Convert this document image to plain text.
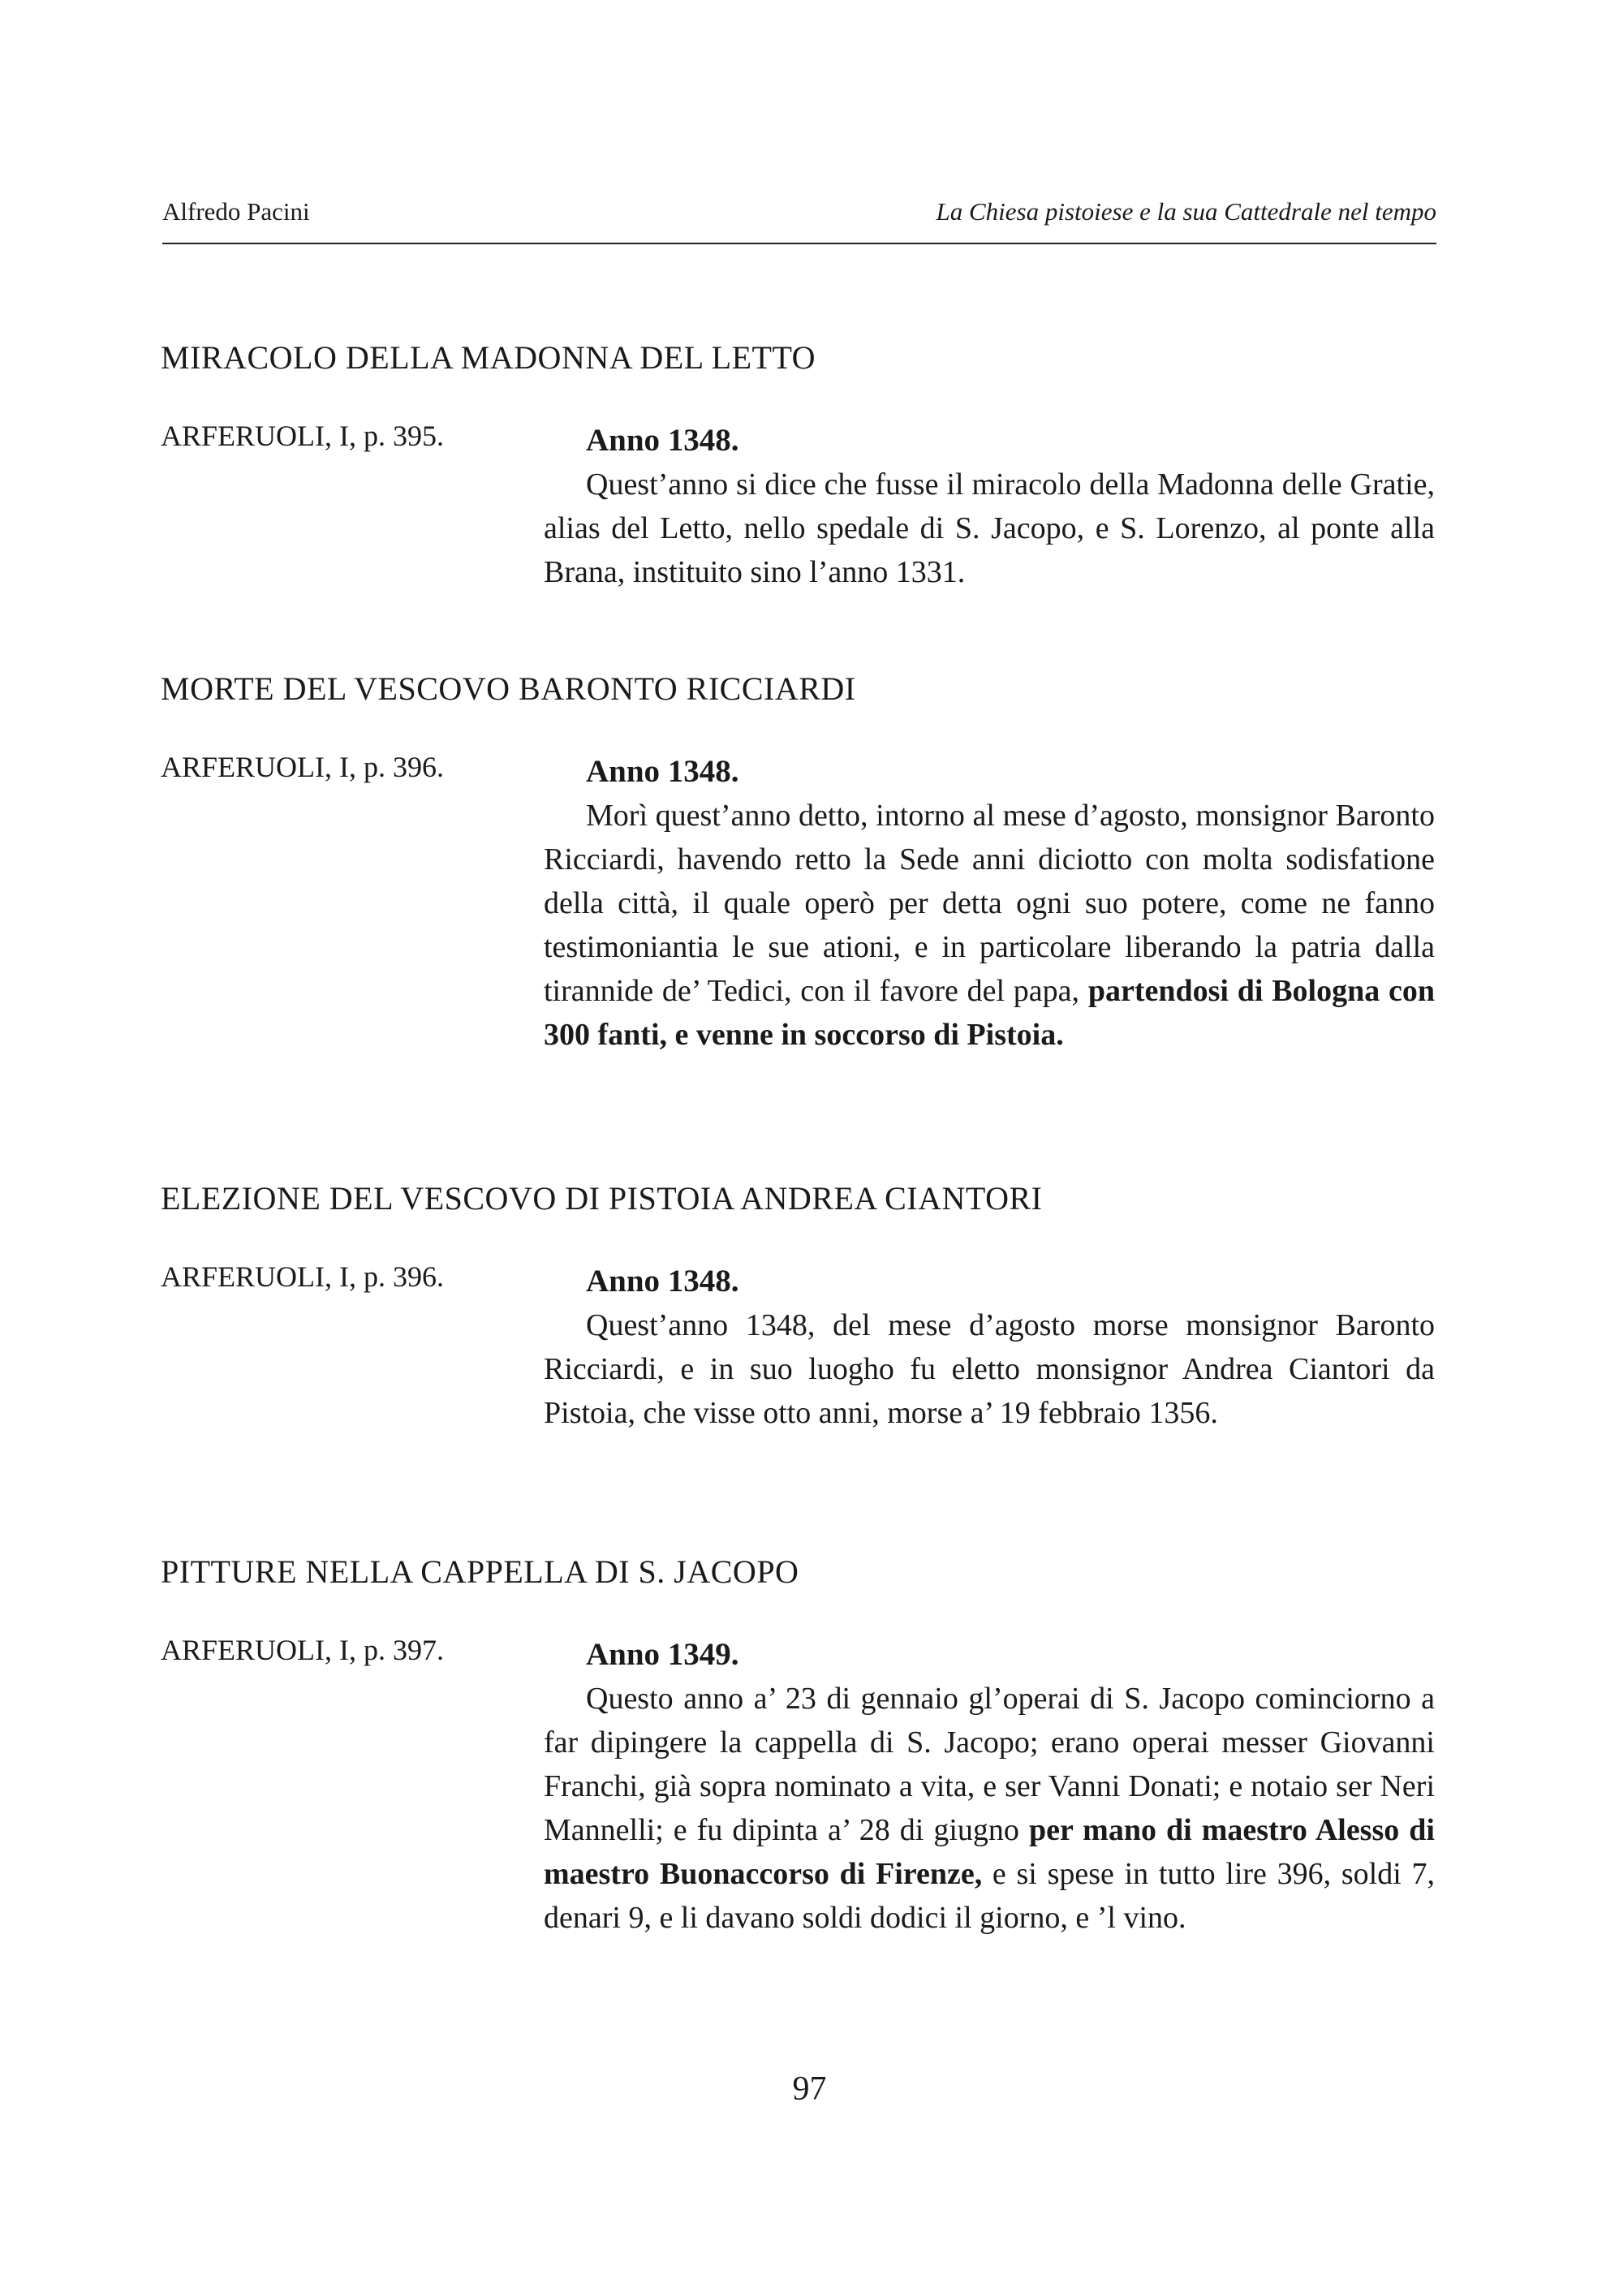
Alfredo Pacini	La Chiesa pistoiese e la sua Cattedrale nel tempo
MIRACOLO DELLA MADONNA DEL LETTO
ARFERUOLI, I, p. 395.	Anno 1348.

Quest’anno si dice che fusse il miracolo della Madonna delle Gratie, alias del Letto, nello spedale di S. Jacopo, e S. Lorenzo, al ponte alla Brana, instituito sino l’anno 1331.

MORTE DEL VESCOVO BARONTO RICCIARDI
ARFERUOLI, I, p. 396.	Anno 1348.

Morì quest’anno detto, intorno al mese d’agosto, monsignor Baronto Ricciardi, havendo retto la Sede anni diciotto con molta sodisfatione della città, il quale operò per detta ogni suo potere, come ne fanno testimoniantia le sue ationi, e in particolare liberando la patria dalla tirannide de’ Tedici, con il favore del papa, partendosi di Bologna con 300 fanti, e venne in soccorso di Pistoia.

ELEZIONE DEL VESCOVO DI PISTOIA ANDREA CIANTORI
ARFERUOLI, I, p. 396.	Anno 1348.

Quest’anno 1348, del mese d’agosto morse monsignor Baronto Ricciardi, e in suo luogho fu eletto monsignor Andrea Ciantori da Pistoia, che visse otto anni, morse a’ 19 febbraio 1356.

PITTURE NELLA CAPPELLA DI S. JACOPO
ARFERUOLI, I, p. 397.	Anno 1349.

Questo anno a’ 23 di gennaio gl’operai di S. Jacopo cominciorno a far dipingere la cappella di S. Jacopo; erano operai messer Giovanni Franchi, già sopra nominato a vita, e ser Vanni Donati; e notaio ser Neri Mannelli; e fu dipinta a’ 28 di giugno per mano di maestro Alesso di maestro Buonaccorso di Firenze, e si spese in tutto lire 396, soldi 7, denari 9, e li davano soldi dodici il giorno, e ’l vino.

97
